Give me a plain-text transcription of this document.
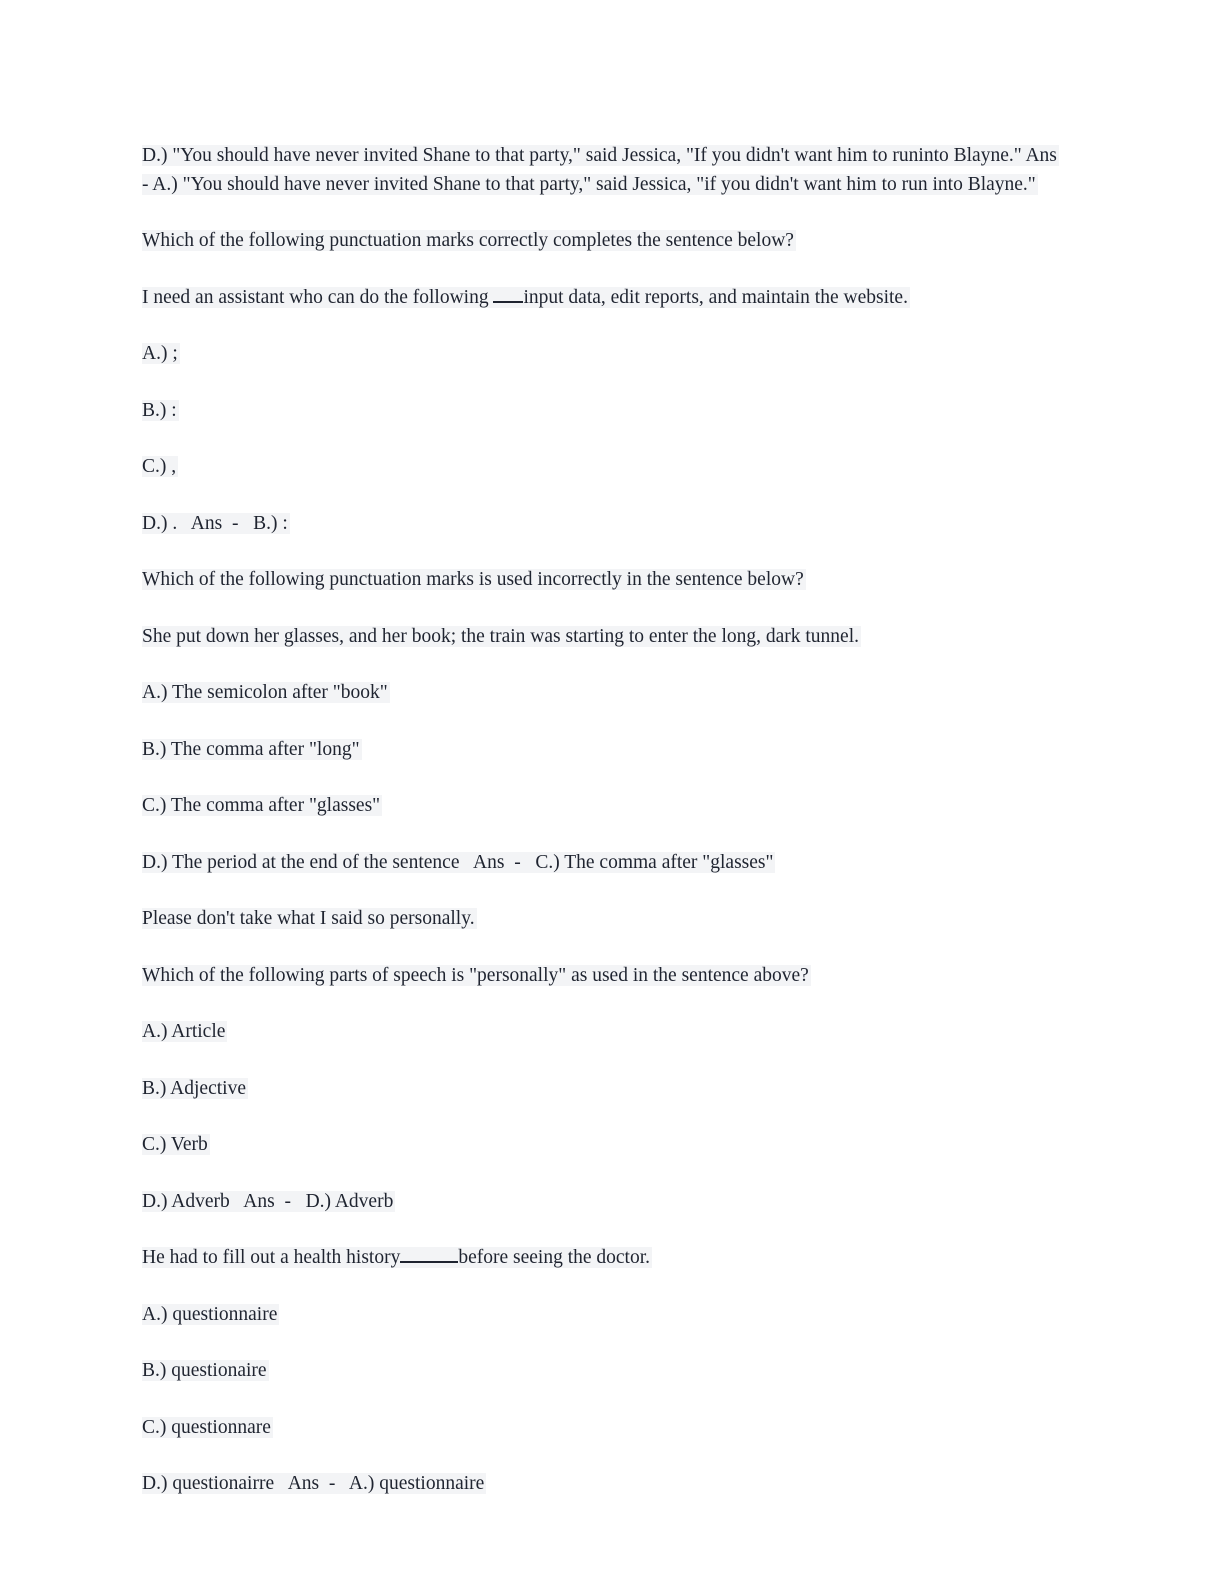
D.) "You should have never invited Shane to that party," said Jessica, "If you didn't want him to runinto Blayne." Ans - A.) "You should have never invited Shane to that party," said Jessica, "if you didn't want him to run into Blayne."

Which of the following punctuation marks correctly completes the sentence below?

I need an assistant who can do the following input data, edit reports, and maintain the website.

A.) ;

B.) :

C.) ,

D.) . Ans - B.) :

Which of the following punctuation marks is used incorrectly in the sentence below?

She put down her glasses, and her book; the train was starting to enter the long, dark tunnel.

A.) The semicolon after "book"

B.) The comma after "long"

C.) The comma after "glasses"

D.) The period at the end of the sentence Ans - C.) The comma after "glasses"

Please don't take what I said so personally.

Which of the following parts of speech is "personally" as used in the sentence above?

A.) Article

B.) Adjective

C.) Verb

D.) Adverb Ans - D.) Adverb

He had to fill out a health history	before seeing the doctor.

A.) questionnaire

B.) questionaire

C.) questionnare

D.) questionairre Ans - A.) questionnaire
